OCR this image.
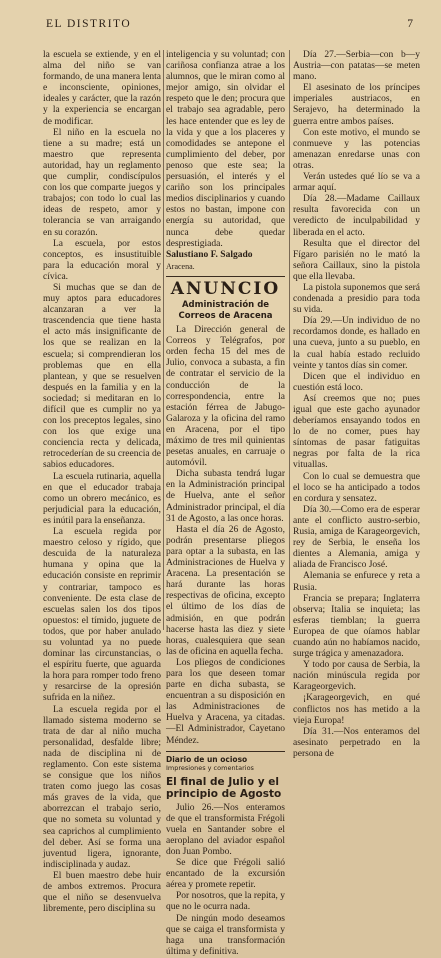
EL DISTRITO	7

la escuela se extiende, y en el alma del niño se van formando, de una manera lenta e inconsciente, opiniones, ideales y carácter, que la razón y la experiencia se encargan de modificar.

El niño en la escuela no tiene a su madre; está un maestro que representa autoridad, hay un reglamento que cumplir, condiscípulos con los que comparte juegos y trabajos; con todo lo cual las ideas de respeto, amor y tolerancia se van arraigando en su corazón.

La escuela, por estos conceptos, es insustituible para la educación moral y cívica.

Si muchas que se dan de muy aptos para educadores alcanzaran a ver la trascendencia que tiene hasta el acto más insignificante de los que se realizan en la escuela; si comprendieran los problemas que en ella plantean, y que se resuelven después en la familia y en la sociedad; si meditaran en lo difícil que es cumplir no ya con los preceptos legales, sino con los que exige una conciencia recta y delicada, retrocederían de su creencia de sabios educadores.

La escuela rutinaria, aquella en que el educador trabaja como un obrero mecánico, es perjudicial para la educación, es inútil para la enseñanza.

La escuela regida por maestro celoso y rígido, que descuida de la naturaleza humana y opina que la educación consiste en reprimir y contrariar, tampoco es conveniente. De esta clase de escuelas salen los dos tipos opuestos: el tímido, juguete de todos, que por haber anulado su voluntad ya no puede dominar las circunstancias, o el espíritu fuerte, que aguarda la hora para romper todo freno y resarcirse de la opresión sufrida en la niñez.

La escuela regida por el llamado sistema moderno se trata de dar al niño mucha personalidad, desfalde libre; nada de disciplina ni de reglamento. Con este sistema se consigue que los niños traten como juego las cosas más graves de la vida, que aborrezcan el trabajo serio, que no someta su voluntad y sea caprichos al cumplimiento del deber. Así se forma una juventud ligera, ignorante, indisciplinada y audaz.

El buen maestro debe huir de ambos extremos. Procura que el niño se desenvuelva libremente, pero disciplina su

inteligencia y su voluntad; con cariñosa confianza atrae a los alumnos, que le miran como al mejor amigo, sin olvidar el respeto que le den; procura que el trabajo sea agradable, pero les hace entender que es ley de la vida y que a los placeres y comodidades se antepone el cumplimiento del deber, por penoso que este sea; la persuasión, el interés y el cariño son los principales medios disciplinarios y cuando estos no bastan, impone con energía su autoridad, que nunca debe quedar desprestigiada.

Salustiano F. Salgado

Aracena.

ANUNCIO
Administración de Correos de Aracena

La Dirección general de Correos y Telégrafos, por orden fecha 15 del mes de Julio, convoca a subasta, a fin de contratar el servicio de la conducción de la correspondencia, entre la estación férrea de Jabugo-Galaroza y la oficina del ramo en Aracena, por el tipo máximo de tres mil quinientas pesetas anuales, en carruaje o automóvil.

Dicha subasta tendrá lugar en la Administración principal de Huelva, ante el señor Administrador principal, el día 31 de Agosto, a las once horas.

Hasta el día 26 de Agosto, podrán presentarse pliegos para optar a la subasta, en las Administraciones de Huelva y Aracena. La presentación se hará durante las horas respectivas de oficina, excepto el último de los días de admisión, en que podrán hacerse hasta las diez y siete horas, cualesquiera que sean las de oficina en aquella fecha.

Los pliegos de condiciones para los que deseen tomar parte en dicha subasta, se encuentran a su disposición en las Administraciones de Huelva y Aracena, ya citadas.—El Administrador, Cayetano Méndez.

Diario de un ocioso
Impresiones y comentarios
El final de Julio y el principio de Agosto

Julio 26.—Nos enteramos de que el transformista Frégoli vuela en Santander sobre el aeroplano del aviador español don Juan Pombo.

Se dice que Frégoli salió encantado de la excursión aérea y promete repetir.

Por nosotros, que la repita, y que no le ocurra nada.

De ningún modo deseamos que se caiga el transformista y haga una transformación última y definitiva.

Día 27.—Serbia—con b—y Austria—con patatas—se meten mano.

El asesinato de los príncipes imperiales austriacos, en Serajevo, ha determinado la guerra entre ambos países.

Con este motivo, el mundo se conmueve y las potencias amenazan enredarse unas con otras.

Verán ustedes qué lío se va a armar aquí.

Día 28.—Madame Caillaux resulta favorecida con un veredicto de inculpabilidad y liberada en el acto.

Resulta que el director del Fígaro parisién no le mató la señora Caillaux, sino la pistola que ella llevaba.

La pistola suponemos que será condenada a presidio para toda su vida.

Día 29.—Un individuo de no recordamos donde, es hallado en una cueva, junto a su pueblo, en la cual había estado recluido veinte y tantos días sin comer.

Dicen que el individuo en cuestión está loco.

Así creemos que no; pues igual que este gacho ayunador deberíamos ensayando todos en lo de no comer, pues hay síntomas de pasar fatiguitas negras por falta de la rica vituallas.

Con lo cual se demuestra que el loco se ha anticipado a todos en cordura y sensatez.

Día 30.—Como era de esperar ante el conflicto austro-serbio, Rusia, amiga de Karageorgevich, rey de Serbia, le enseña los dientes a Alemania, amiga y aliada de Francisco José.

Alemania se enfurece y reta a Rusia.

Francia se prepara; Inglaterra observa; Italia se inquieta; las esferas tiemblan; la guerra Europea de que oíamos hablar cuando aún no habíamos nacido, surge trágica y amenazadora.

Y todo por causa de Serbia, la nación minúscula regida por Karageorgevich.

¡Karageorgevich, en qué conflictos nos has metido a la vieja Europa!

Día 31.—Nos enteramos del asesinato perpetrado en la persona de
